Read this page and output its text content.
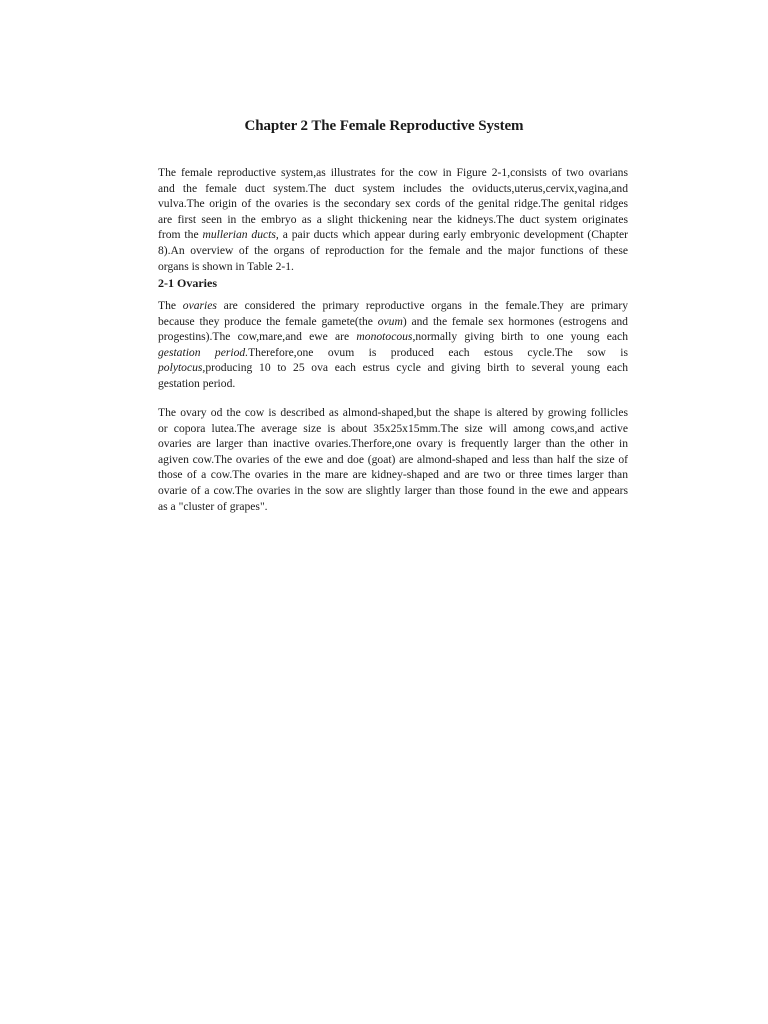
Chapter 2 The Female Reproductive System
The female reproductive system,as illustrates for the cow in Figure 2-1,consists of two ovarians
and the female duct system.The duct system includes the oviducts,uterus,cervix,vagina,and
vulva.The origin of the ovaries is the secondary sex cords of the genital ridge.The genital ridges
are first seen in the embryo as a slight thickening near the kidneys.The duct system originates
from the mullerian ducts, a pair ducts which appear during early embryonic development (Chapter
8).An overview of the organs of reproduction for the female and the major functions of these
organs is shown in Table 2-1.
2-1 Ovaries
The ovaries are considered the primary reproductive organs in the female.They are primary
because they produce the female gamete(the ovum) and the female sex hormones (estrogens and
progestins).The cow,mare,and ewe are monotocous,normally giving birth to one young each
gestation period.Therefore,one ovum is produced each estous cycle.The sow is
polytocus,producing 10 to 25 ova each estrus cycle and giving birth to several young each
gestation period.
The ovary od the cow is described as almond-shaped,but the shape is altered by growing follicles
or copora lutea.The average size is about 35x25x15mm.The size will among cows,and active
ovaries are larger than inactive ovaries.Therfore,one ovary is frequently larger than the other in
agiven cow.The ovaries of the ewe and doe (goat) are almond-shaped and less than half the size of
those of a cow.The ovaries in the mare are kidney-shaped and are two or three times larger than
ovarie of a cow.The ovaries in the sow are slightly larger than those found in the ewe and appears
as a "cluster of grapes".
